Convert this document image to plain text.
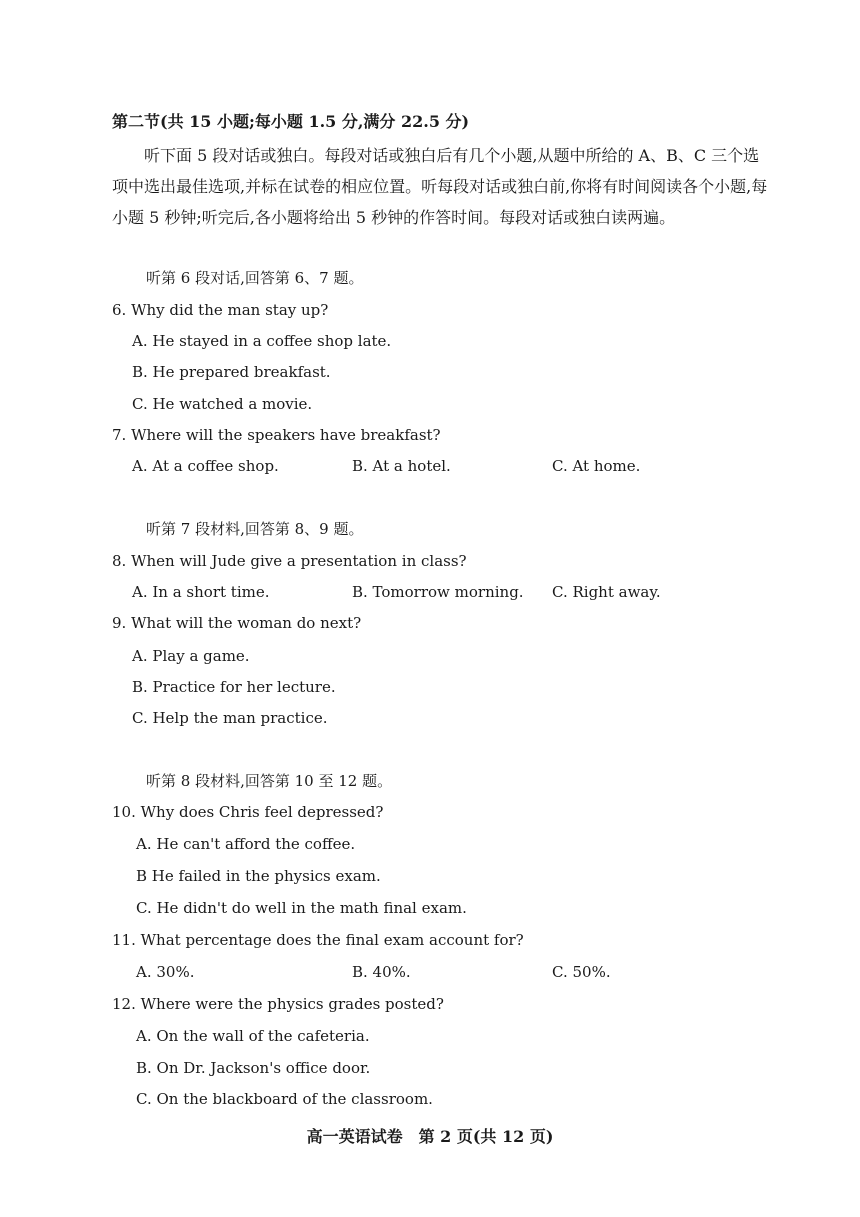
第二节(共 15 小题;每小题 1.5 分,满分 22.5 分)
听下面 5 段对话或独白。每段对话或独白后有几个小题,从题中所给的 A、B、C 三个选项中选出最佳选项,并标在试卷的相应位置。听每段对话或独白前,你将有时间阅读各个小题,每小题 5 秒钟;听完后,各小题将给出 5 秒钟的作答时间。每段对话或独白读两遍。
听第 6 段对话,回答第 6、7 题。
6. Why did the man stay up?
A. He stayed in a coffee shop late.
B. He prepared breakfast.
C. He watched a movie.
7. Where will the speakers have breakfast?
A. At a coffee shop.	B. At a hotel.	C. At home.
听第 7 段材料,回答第 8、9 题。
8. When will Jude give a presentation in class?
A. In a short time.	B. Tomorrow morning. C. Right away.
9. What will the woman do next?
A. Play a game.
B. Practice for her lecture.
C. Help the man practice.
听第 8 段材料,回答第 10 至 12 题。
10. Why does Chris feel depressed?
A. He can't afford the coffee.
B He failed in the physics exam.
C. He didn't do well in the math final exam.
11. What percentage does the final exam account for?
A. 30%.	B. 40%.	C. 50%.
12. Where were the physics grades posted?
A. On the wall of the cafeteria.
B. On Dr. Jackson's office door.
C. On the blackboard of the classroom.
高一英语试卷　第 2 页(共 12 页)
